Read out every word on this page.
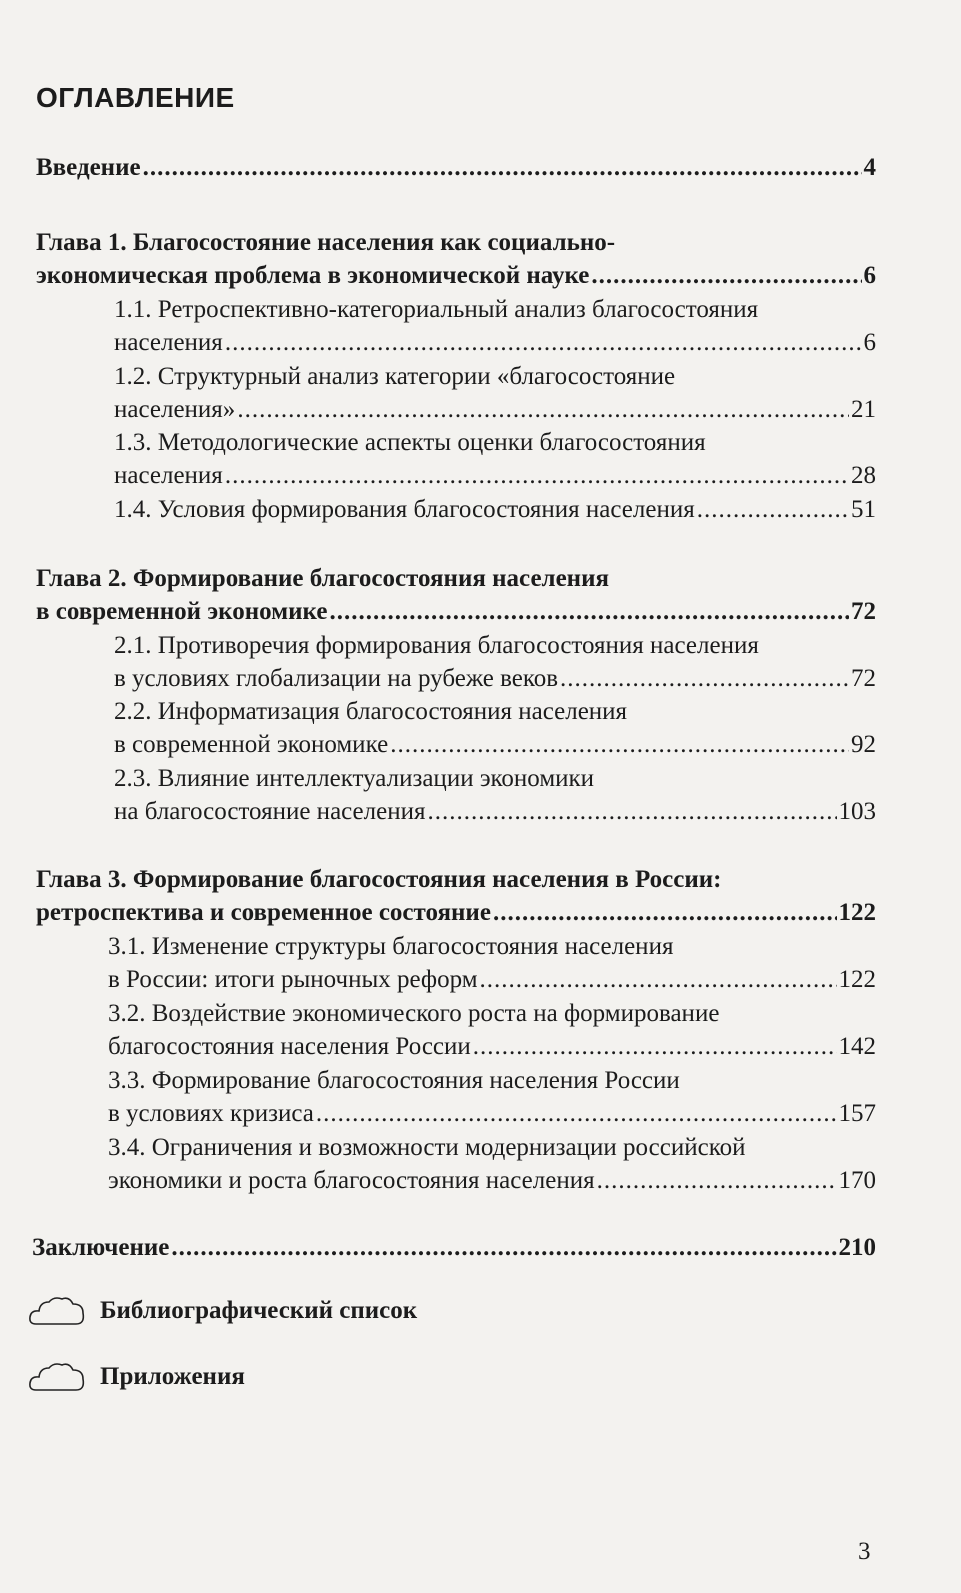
ОГЛАВЛЕНИЕ
Введение .....	4
Глава 1. Благосостояние населения как социально-
экономическая проблема в экономической науке .....	6
1.1. Ретроспективно-категориальный анализ благосостояния
населения .....	6
1.2. Структурный анализ категории «благосостояние
населения» .....	21
1.3. Методологические аспекты оценки благосостояния
населения .....	28
1.4. Условия формирования благосостояния населения .....	51
Глава 2. Формирование благосостояния населения
в современной экономике .....	72
2.1. Противоречия формирования благосостояния населения
в условиях глобализации на рубеже веков .....	72
2.2. Информатизация благосостояния населения
в современной экономике .....	92
2.3. Влияние интеллектуализации экономики
на благосостояние населения .....	103
Глава 3. Формирование благосостояния населения в России:
ретроспектива и современное состояние .....	122
3.1. Изменение структуры благосостояния населения
в России: итоги рыночных реформ .....	122
3.2. Воздействие экономического роста на формирование
благосостояния населения России .....	142
3.3. Формирование благосостояния населения России
в условиях кризиса .....	157
3.4. Ограничения и возможности модернизации российской
экономики и роста благосостояния населения .....	170
Заключение .....	210
Библиографический список
Приложения
3
